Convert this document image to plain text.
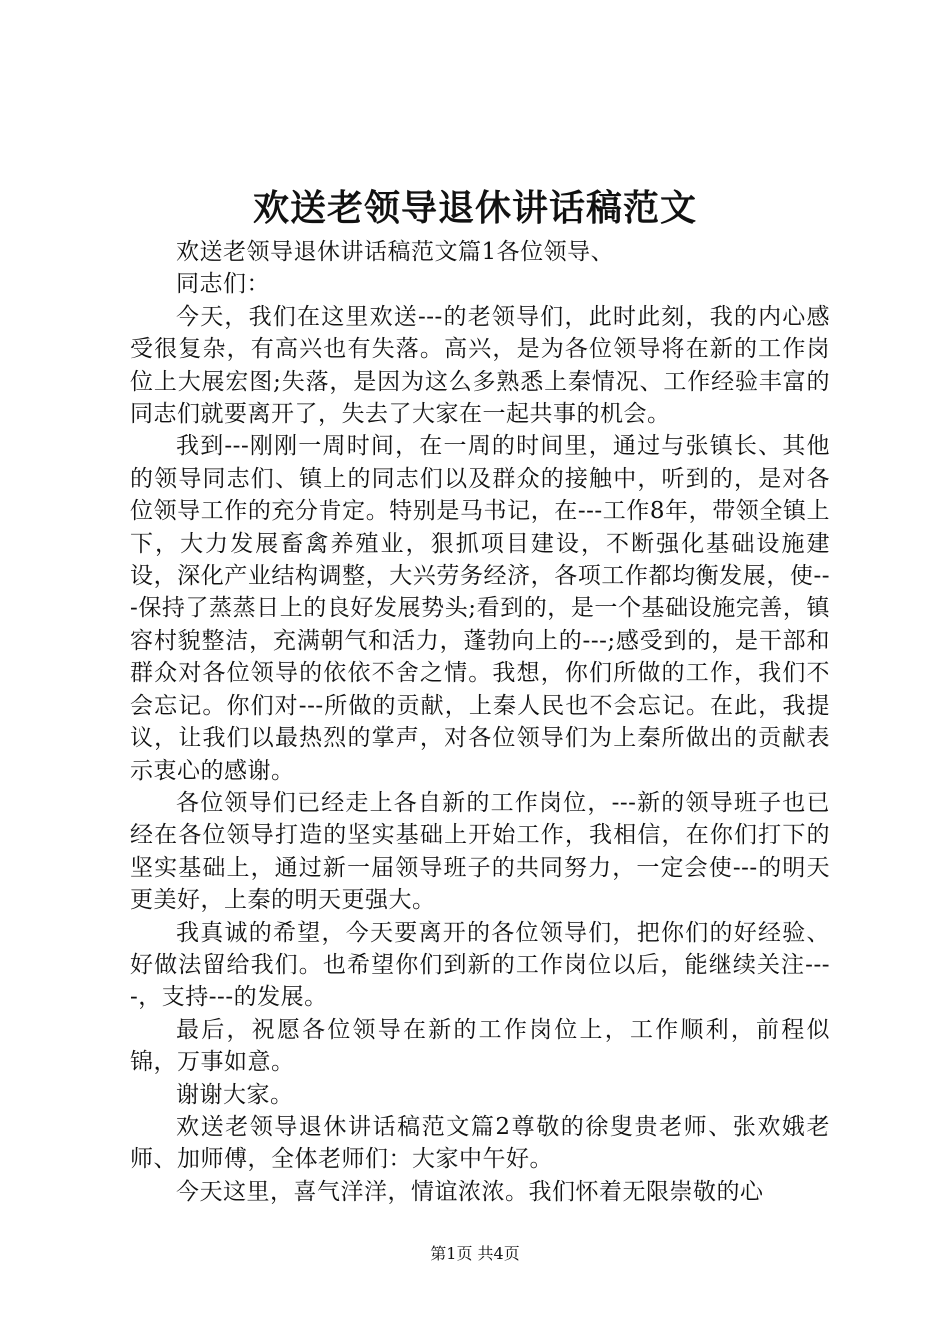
欢送老领导退休讲话稿范文

欢送老领导退休讲话稿范文篇1各位领导、

同志们：

今天，我们在这里欢送---的老领导们，此时此刻，我的内心感受很复杂，有高兴也有失落。高兴，是为各位领导将在新的工作岗位上大展宏图;失落，是因为这么多熟悉上秦情况、工作经验丰富的同志们就要离开了，失去了大家在一起共事的机会。

我到---刚刚一周时间，在一周的时间里，通过与张镇长、其他的领导同志们、镇上的同志们以及群众的接触中，听到的，是对各位领导工作的充分肯定。特别是马书记，在---工作8年，带领全镇上下，大力发展畜禽养殖业，狠抓项目建设，不断强化基础设施建设，深化产业结构调整，大兴劳务经济，各项工作都均衡发展，使---保持了蒸蒸日上的良好发展势头;看到的，是一个基础设施完善，镇容村貌整洁，充满朝气和活力，蓬勃向上的---;感受到的，是干部和群众对各位领导的依依不舍之情。我想，你们所做的工作，我们不会忘记。你们对---所做的贡献，上秦人民也不会忘记。在此，我提议，让我们以最热烈的掌声，对各位领导们为上秦所做出的贡献表示衷心的感谢。

各位领导们已经走上各自新的工作岗位，---新的领导班子也已经在各位领导打造的坚实基础上开始工作，我相信，在你们打下的坚实基础上，通过新一届领导班子的共同努力，一定会使---的明天更美好，上秦的明天更强大。

我真诚的希望，今天要离开的各位领导们，把你们的好经验、好做法留给我们。也希望你们到新的工作岗位以后，能继续关注----，支持---的发展。

最后，祝愿各位领导在新的工作岗位上，工作顺利，前程似锦，万事如意。

谢谢大家。

欢送老领导退休讲话稿范文篇2尊敬的徐叟贵老师、张欢娥老师、加师傅，全体老师们：大家中午好。

今天这里，喜气洋洋，情谊浓浓。我们怀着无限崇敬的心

第1页 共4页
